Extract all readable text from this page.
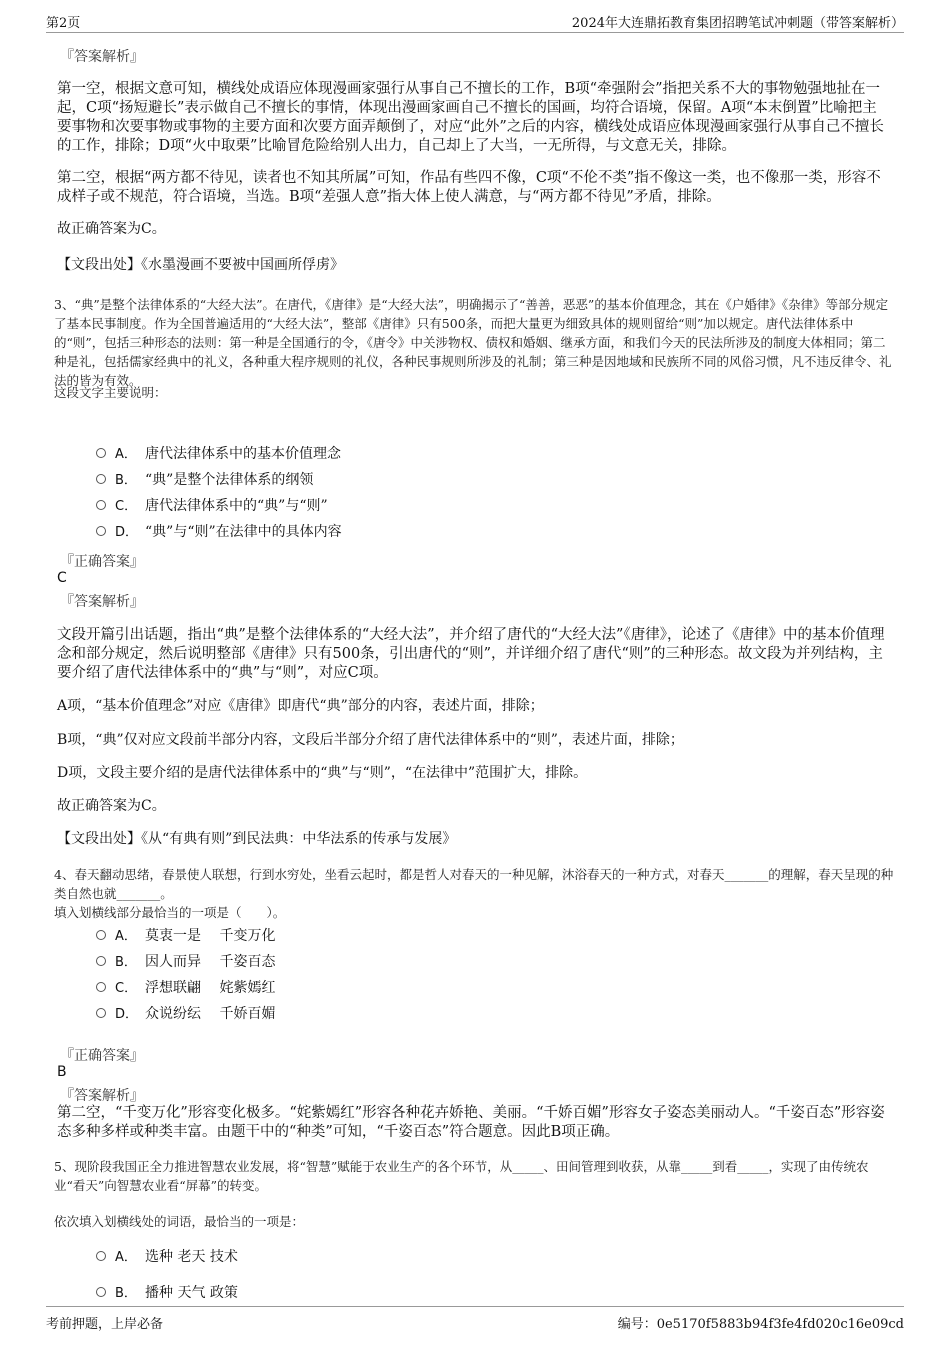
第2页	2024年大连鼎拓教育集团招聘笔试冲刺题（带答案解析）
『答案解析』

第一空，根据文意可知，横线处成语应体现漫画家强行从事自己不擅长的工作，B项“牵强附会”指把关系不大的事物勉强地扯在一起，C项“扬短避长”表示做自己不擅长的事情，体现出漫画家画自己不擅长的国画，均符合语境，保留。A项“本末倒置”比喻把主要事物和次要事物或事物的主要方面和次要方面弄颠倒了，对应“此外”之后的内容，横线处成语应体现漫画家强行从事自己不擅长的工作，排除；D项“火中取栗”比喻冒危险给别人出力，自己却上了大当，一无所得，与文意无关，排除。

第二空，根据“两方都不待见，读者也不知其所属”可知，作品有些四不像，C项“不伦不类”指不像这一类，也不像那一类，形容不成样子或不规范，符合语境，当选。B项“差强人意”指大体上使人满意，与“两方都不待见”矛盾，排除。

故正确答案为C。

【文段出处】《水墨漫画不要被中国画所俘虏》

3、“典”是整个法律体系的“大经大法”。在唐代，《唐律》是“大经大法”，明确揭示了“善善，恶恶”的基本价值理念，其在《户婚律》《杂律》等部分规定了基本民事制度。作为全国普遍适用的“大经大法”，整部《唐律》只有500条，而把大量更为细致具体的规则留给“则”加以规定。唐代法律体系中的“则”，包括三种形态的法则：第一种是全国通行的令，《唐令》中关涉物权、债权和婚姻、继承方面，和我们今天的民法所涉及的制度大体相同；第二种是礼，包括儒家经典中的礼义，各种重大程序规则的礼仪，各种民事规则所涉及的礼制；第三种是因地域和民族所不同的风俗习惯，凡不违反律令、礼法的皆为有效。

这段文字主要说明：

A． 唐代法律体系中的基本价值理念
B． “典”是整个法律体系的纲领
C． 唐代法律体系中的“典”与“则”
D． “典”与“则”在法律中的具体内容
『正确答案』
C
『答案解析』

文段开篇引出话题，指出“典”是整个法律体系的“大经大法”，并介绍了唐代的“大经大法”《唐律》，论述了《唐律》中的基本价值理念和部分规定，然后说明整部《唐律》只有500条，引出唐代的“则”，并详细介绍了唐代“则”的三种形态。故文段为并列结构，主要介绍了唐代法律体系中的“典”与“则”，对应C项。

A项，“基本价值理念”对应《唐律》即唐代“典”部分的内容，表述片面，排除；

B项，“典”仅对应文段前半部分内容，文段后半部分介绍了唐代法律体系中的“则”，表述片面，排除；

D项，文段主要介绍的是唐代法律体系中的“典”与“则”，“在法律中”范围扩大，排除。

故正确答案为C。

【文段出处】《从“有典有则”到民法典：中华法系的传承与发展》

4、春天翻动思绪，春景使人联想，行到水穷处，坐看云起时，都是哲人对春天的一种见解，沐浴春天的一种方式，对春天_______的理解，春天呈现的种类自然也就_______。

填入划横线部分最恰当的一项是（　　）。

A． 莫衷一是　 千变万化
B． 因人而异　 千姿百态
C． 浮想联翩　 姹紫嫣红
D． 众说纷纭　 千娇百媚
『正确答案』
B
『答案解析』

第二空，“千变万化”形容变化极多。“姹紫嫣红”形容各种花卉娇艳、美丽。“千娇百媚”形容女子姿态美丽动人。“千姿百态”形容姿态多种多样或种类丰富。由题干中的“种类”可知，“千姿百态”符合题意。因此B项正确。

5、现阶段我国正全力推进智慧农业发展，将“智慧”赋能于农业生产的各个环节，从_____、田间管理到收获，从靠_____到看_____，实现了由传统农业“看天”向智慧农业看“屏幕”的转变。

依次填入划横线处的词语，最恰当的一项是：

A． 选种 老天 技术
B． 播种 天气 政策
考前押题，上岸必备	编号：0e5170f5883b94f3fe4fd020c16e09cd
